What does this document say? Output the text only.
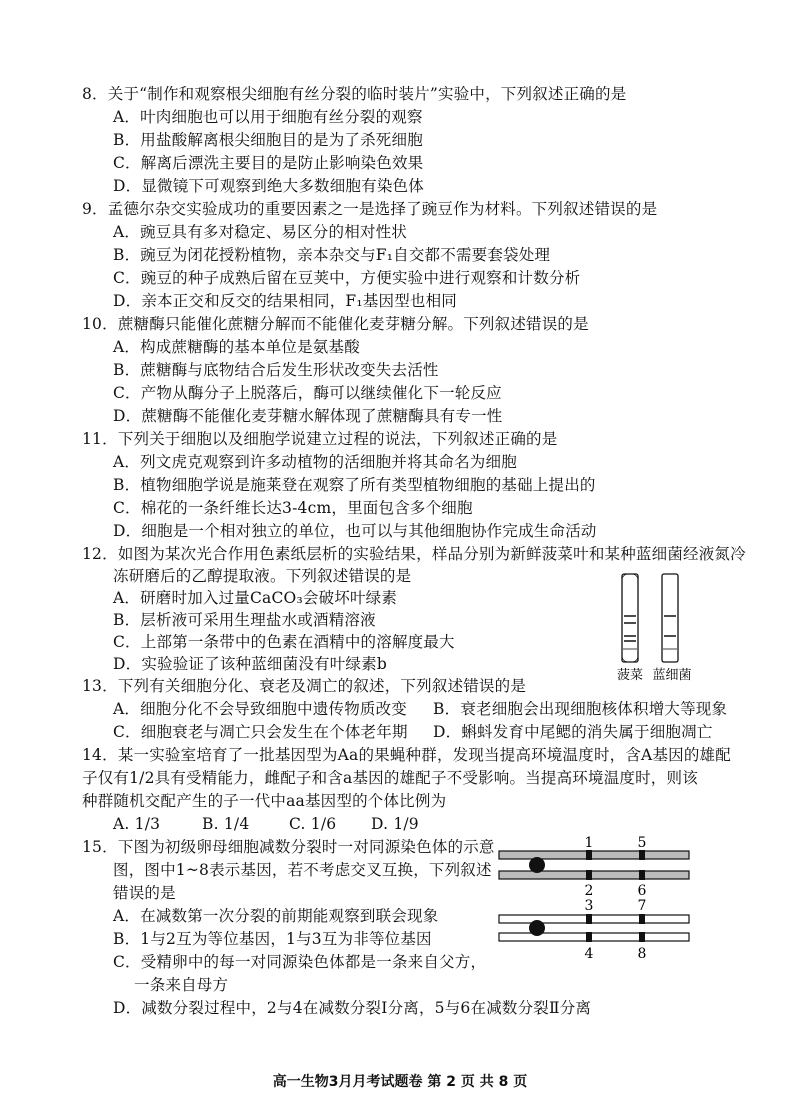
8．关于“制作和观察根尖细胞有丝分裂的临时装片”实验中，下列叙述正确的是
A．叶肉细胞也可以用于细胞有丝分裂的观察
B．用盐酸解离根尖细胞目的是为了杀死细胞
C．解离后漂洗主要目的是防止影响染色效果
D．显微镜下可观察到绝大多数细胞有染色体
9．孟德尔杂交实验成功的重要因素之一是选择了豌豆作为材料。下列叙述错误的是
A．豌豆具有多对稳定、易区分的相对性状
B．豌豆为闭花授粉植物，亲本杂交与F₁自交都不需要套袋处理
C．豌豆的种子成熟后留在豆荚中，方便实验中进行观察和计数分析
D．亲本正交和反交的结果相同，F₁基因型也相同
10．蔗糖酶只能催化蔗糖分解而不能催化麦芽糖分解。下列叙述错误的是
A．构成蔗糖酶的基本单位是氨基酸
B．蔗糖酶与底物结合后发生形状改变失去活性
C．产物从酶分子上脱落后，酶可以继续催化下一轮反应
D．蔗糖酶不能催化麦芽糖水解体现了蔗糖酶具有专一性
11．下列关于细胞以及细胞学说建立过程的说法，下列叙述正确的是
A．列文虎克观察到许多动植物的活细胞并将其命名为细胞
B．植物细胞学说是施莱登在观察了所有类型植物细胞的基础上提出的
C．棉花的一条纤维长达3-4cm，里面包含多个细胞
D．细胞是一个相对独立的单位，也可以与其他细胞协作完成生命活动
12．如图为某次光合作用色素纸层析的实验结果，样品分别为新鲜菠菜叶和某种蓝细菌经液氮冷
冻研磨后的乙醇提取液。下列叙述错误的是
A．研磨时加入过量CaCO₃会破坏叶绿素
B．层析液可采用生理盐水或酒精溶液
C．上部第一条带中的色素在酒精中的溶解度最大
D．实验验证了该种蓝细菌没有叶绿素b
菠菜 蓝细菌
13．下列有关细胞分化、衰老及凋亡的叙述，下列叙述错误的是
A．细胞分化不会导致细胞中遗传物质改变 B．衰老细胞会出现细胞核体积增大等现象
C．细胞衰老与凋亡只会发生在个体老年期 D．蝌蚪发育中尾鳃的消失属于细胞凋亡
14．某一实验室培育了一批基因型为Aa的果蝇种群，发现当提高环境温度时，含A基因的雄配
子仅有1/2具有受精能力，雌配子和含a基因的雄配子不受影响。当提高环境温度时，则该
种群随机交配产生的子一代中aa基因型的个体比例为
A. 1/3	B. 1/4	C. 1/6 D. 1/9
15．下图为初级卵母细胞减数分裂时一对同源染色体的示意
图，图中1~8表示基因，若不考虑交叉互换，下列叙述
错误的是
A．在减数第一次分裂的前期能观察到联会现象
B．1与2互为等位基因，1与3互为非等位基因
C．受精卵中的每一对同源染色体都是一条来自父方，
一条来自母方
D．减数分裂过程中，2与4在减数分裂Ⅰ分离，5与6在减数分裂Ⅱ分离
1	5
2	6
3	7
4	8
高一生物3月月考试题卷 第 2 页 共 8 页
